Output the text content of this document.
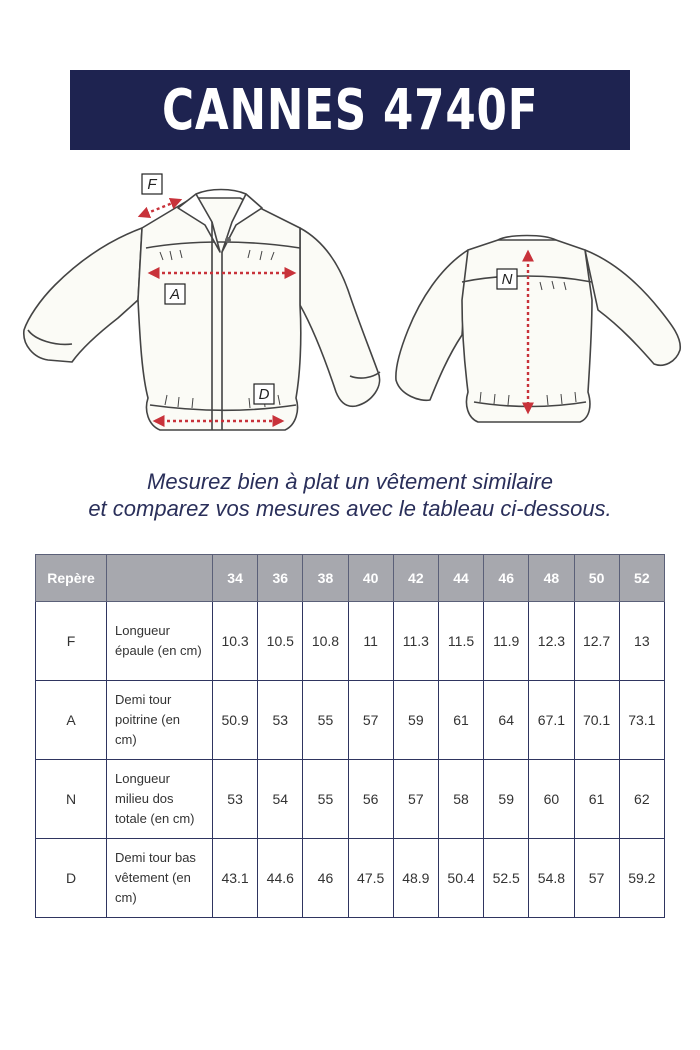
CANNES 4740F
F
A
D
N
Mesurez bien à plat un vêtement similaire
et comparez vos mesures avec le tableau ci-dessous.
Repère		34	36	38	40	42	44	46	48	50	52
F	Longueur épaule (en cm)	10.3	10.5	10.8	11	11.3	11.5	11.9	12.3	12.7	13
A	Demi tour poitrine (en cm)	50.9	53	55	57	59	61	64	67.1	70.1	73.1
N	Longueur milieu dos totale (en cm)	53	54	55	56	57	58	59	60	61	62
D	Demi tour bas vêtement (en cm)	43.1	44.6	46	47.5	48.9	50.4	52.5	54.8	57	59.2
